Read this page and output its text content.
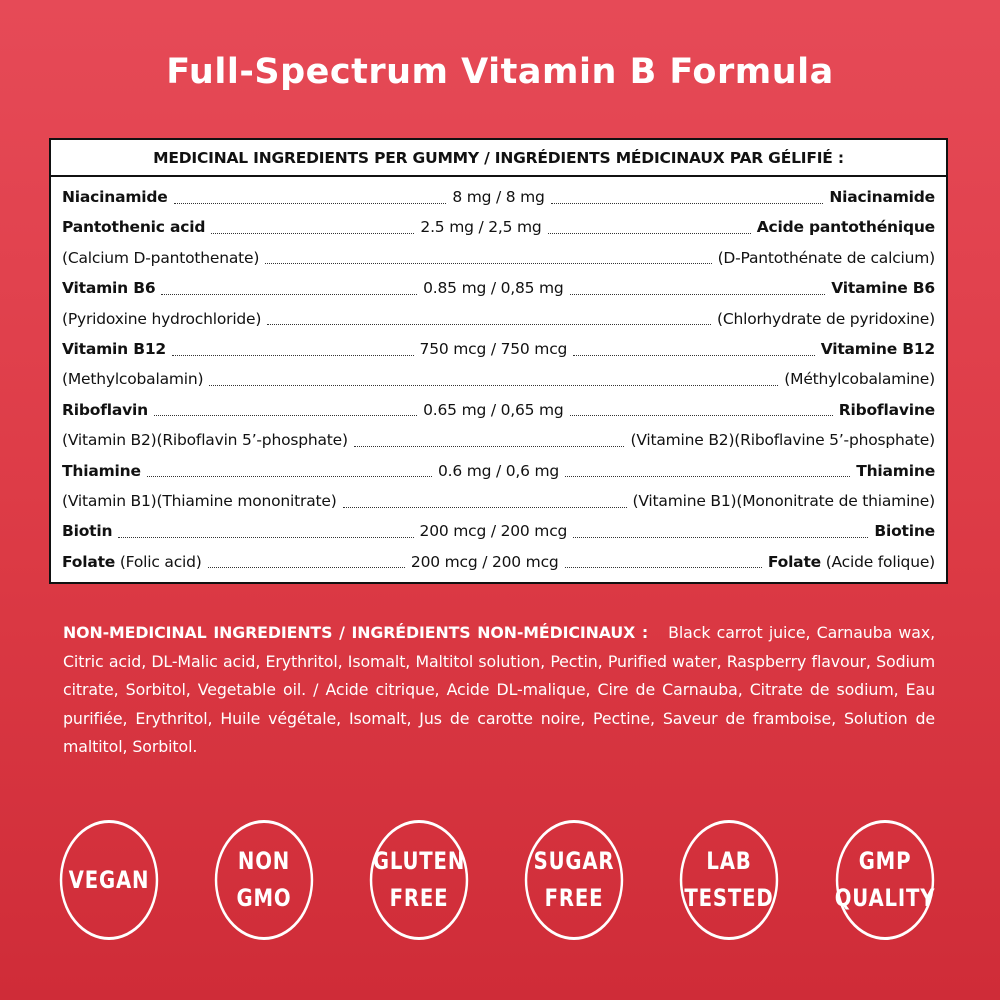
Full-Spectrum Vitamin B Formula
MEDICINAL INGREDIENTS PER GUMMY / INGRÉDIENTS MÉDICINAUX PAR GÉLIFIÉ :
Niacinamide	8 mg / 8 mg	Niacinamide
Pantothenic acid	2.5 mg / 2,5 mg	Acide pantothénique
(Calcium D-pantothenate)	(D-Pantothénate de calcium)
Vitamin B6	0.85 mg / 0,85 mg	Vitamine B6
(Pyridoxine hydrochloride)	(Chlorhydrate de pyridoxine)
Vitamin B12	750 mcg / 750 mcg	Vitamine B12
(Methylcobalamin)	(Méthylcobalamine)
Riboflavin	0.65 mg / 0,65 mg	Riboflavine
(Vitamin B2)(Riboflavin 5’-phosphate)	(Vitamine B2)(Riboflavine 5’-phosphate)
Thiamine	0.6 mg / 0,6 mg	Thiamine
(Vitamin B1)(Thiamine mononitrate)	(Vitamine B1)(Mononitrate de thiamine)
Biotin	200 mcg / 200 mcg	Biotine
Folate (Folic acid)	200 mcg / 200 mcg	Folate (Acide folique)
NON-MEDICINAL INGREDIENTS / INGRÉDIENTS NON-MÉDICINAUX : Black carrot juice, Carnauba wax, Citric acid, DL-Malic acid, Erythritol, Isomalt, Maltitol solution, Pectin, Purified water, Raspberry flavour, Sodium citrate, Sorbitol, Vegetable oil. / Acide citrique, Acide DL-malique, Cire de Carnauba, Citrate de sodium, Eau purifiée, Erythritol, Huile végétale, Isomalt, Jus de carotte noire, Pectine, Saveur de framboise, Solution de maltitol, Sorbitol.
VEGAN
NON
GMO
GLUTEN
FREE
SUGAR
FREE
LAB
TESTED
GMP
QUALITY
